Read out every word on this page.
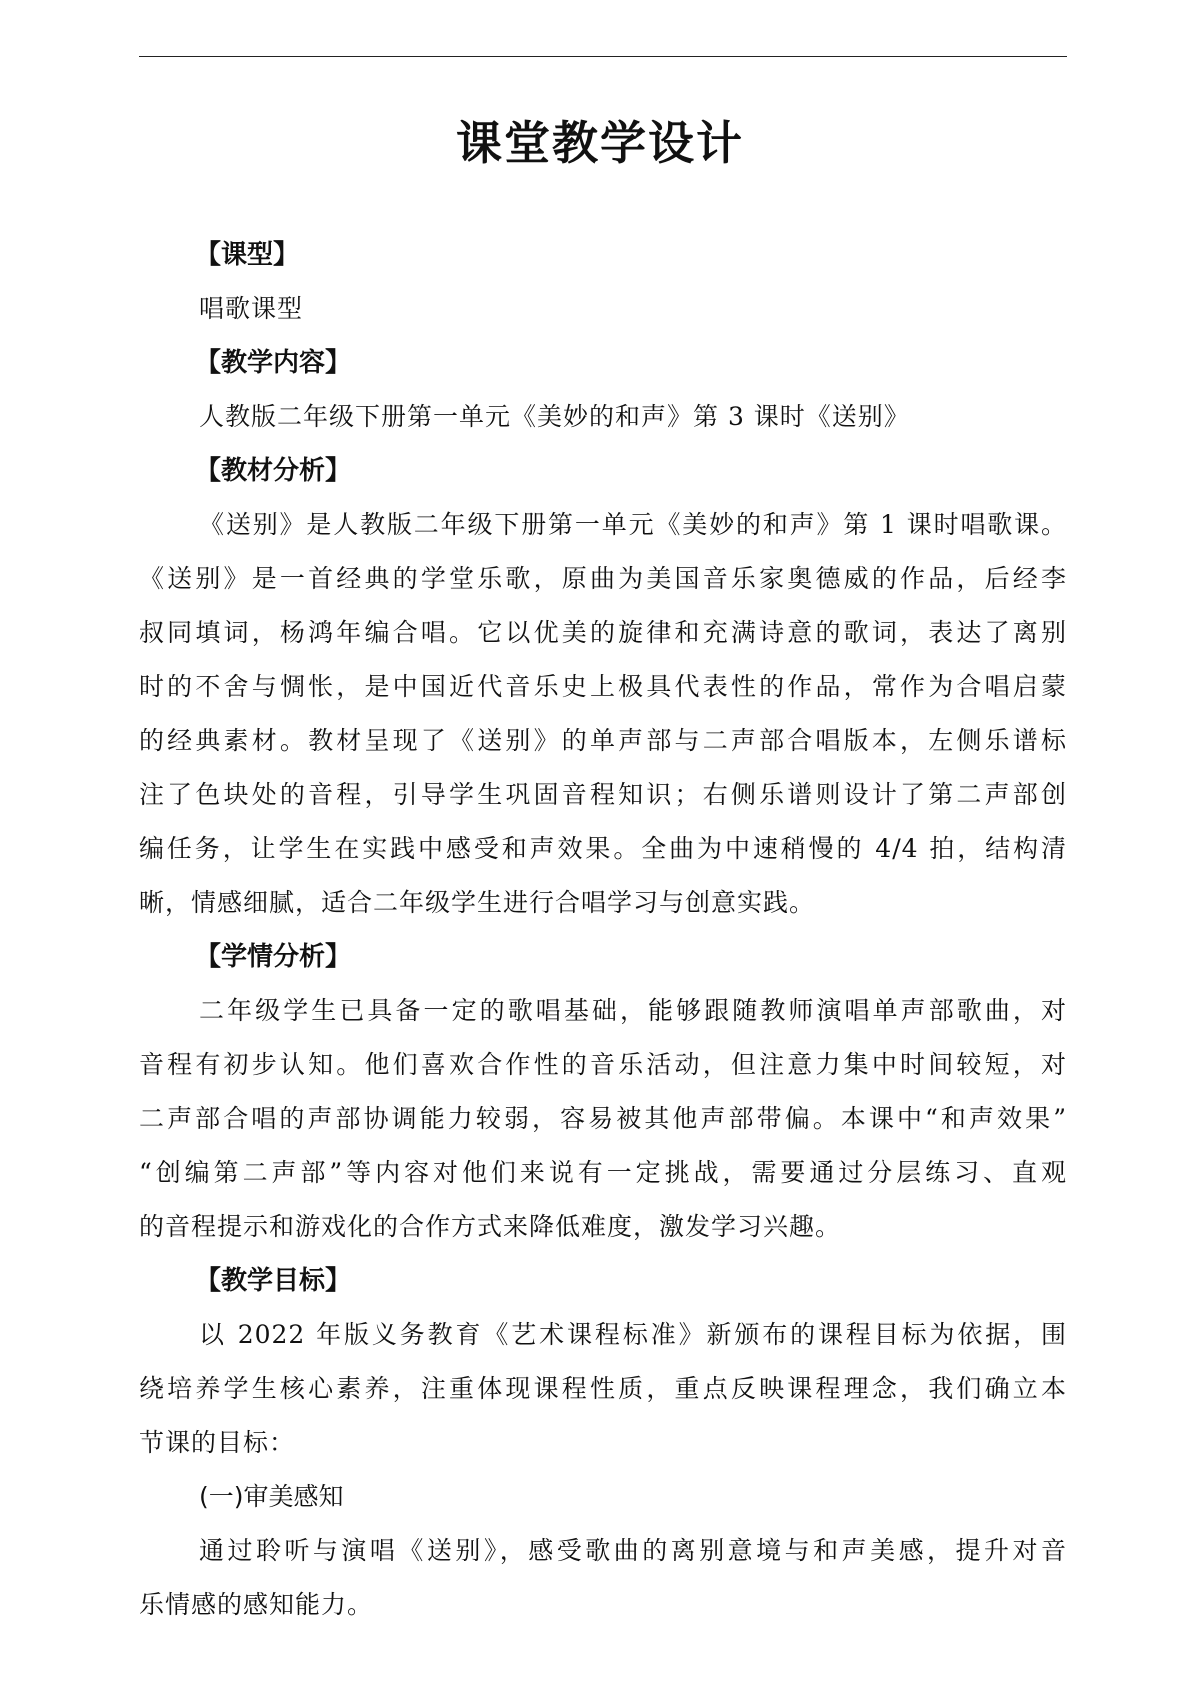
课堂教学设计
【课型】
唱歌课型
【教学内容】
人教版二年级下册第一单元《美妙的和声》第 3 课时《送别》
【教材分析】
《送别》是人教版二年级下册第一单元《美妙的和声》第 1 课时唱歌课。
《送别》是一首经典的学堂乐歌，原曲为美国音乐家奥德威的作品，后经李
叔同填词，杨鸿年编合唱。它以优美的旋律和充满诗意的歌词，表达了离别
时的不舍与惆怅，是中国近代音乐史上极具代表性的作品，常作为合唱启蒙
的经典素材。教材呈现了《送别》的单声部与二声部合唱版本，左侧乐谱标
注了色块处的音程，引导学生巩固音程知识；右侧乐谱则设计了第二声部创
编任务，让学生在实践中感受和声效果。全曲为中速稍慢的 4/4 拍，结构清
晰，情感细腻，适合二年级学生进行合唱学习与创意实践。
【学情分析】
二年级学生已具备一定的歌唱基础，能够跟随教师演唱单声部歌曲，对
音程有初步认知。他们喜欢合作性的音乐活动，但注意力集中时间较短，对
二声部合唱的声部协调能力较弱，容易被其他声部带偏。本课中“和声效果”
“创编第二声部”等内容对他们来说有一定挑战，需要通过分层练习、直观
的音程提示和游戏化的合作方式来降低难度，激发学习兴趣。
【教学目标】
以 2022 年版义务教育《艺术课程标准》新颁布的课程目标为依据，围
绕培养学生核心素养，注重体现课程性质，重点反映课程理念，我们确立本
节课的目标：
(一)审美感知
通过聆听与演唱《送别》，感受歌曲的离别意境与和声美感，提升对音
乐情感的感知能力。
